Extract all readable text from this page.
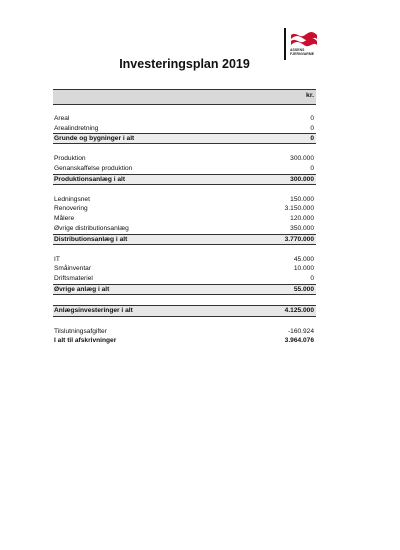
ASSENS
FJERNVARME
Investeringsplan 2019
kr.
Areal	0
Arealindretning	0
Grunde og bygninger i alt	0
Produktion	300.000
Genanskaffelse produktion	0
Produktionsanlæg i alt	300.000
Ledningsnet	150.000
Renovering	3.150.000
Målere	120.000
Øvrige distributionsanlæg	350.000
Distributionsanlæg i alt	3.770.000
IT	45.000
Småinventar	10.000
Driftsmateriel	0
Øvrige anlæg i alt	55.000
Anlægsinvesteringer i alt	4.125.000
Tilslutningsafgifter	-160.924
I alt til afskrivninger	3.964.076
